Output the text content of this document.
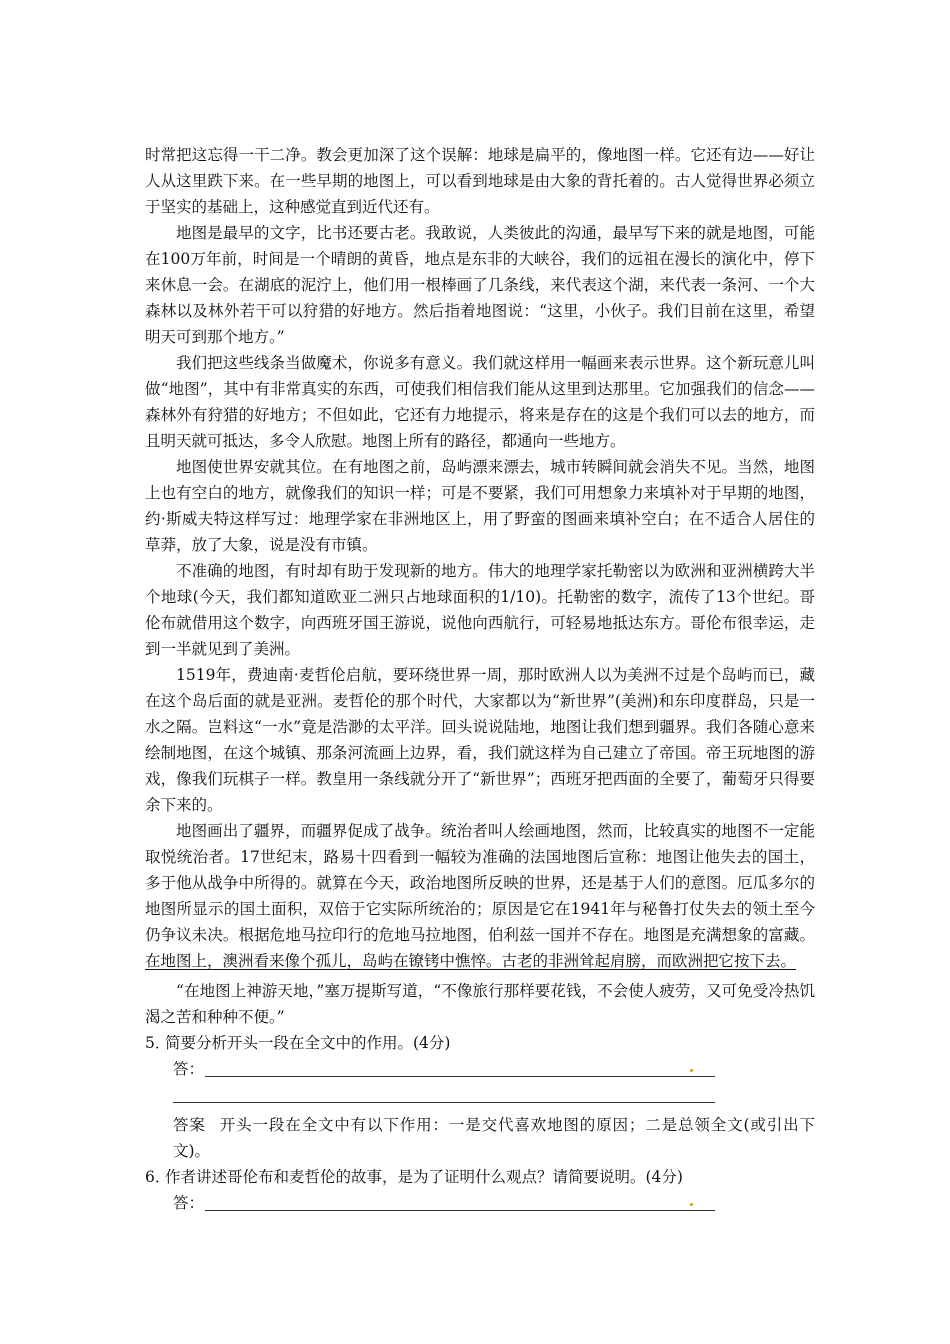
时常把这忘得一干二净。教会更加深了这个误解：地球是扁平的，像地图一样。它还有边——好让人从这里跌下来。在一些早期的地图上，可以看到地球是由大象的背托着的。古人觉得世界必须立于坚实的基础上，这种感觉直到近代还有。

地图是最早的文字，比书还要古老。我敢说，人类彼此的沟通，最早写下来的就是地图，可能在100万年前，时间是一个晴朗的黄昏，地点是东非的大峡谷，我们的远祖在漫长的演化中，停下来休息一会。在湖底的泥泞上，他们用一根棒画了几条线，来代表这个湖，来代表一条河、一个大森林以及林外若干可以狩猎的好地方。然后指着地图说：“这里，小伙子。我们目前在这里，希望明天可到那个地方。”

我们把这些线条当做魔术，你说多有意义。我们就这样用一幅画来表示世界。这个新玩意儿叫做“地图”，其中有非常真实的东西，可使我们相信我们能从这里到达那里。它加强我们的信念——森林外有狩猎的好地方；不但如此，它还有力地提示，将来是存在的这是个我们可以去的地方，而且明天就可抵达，多令人欣慰。地图上所有的路径，都通向一些地方。

地图使世界安就其位。在有地图之前，岛屿漂来漂去，城市转瞬间就会消失不见。当然，地图上也有空白的地方，就像我们的知识一样；可是不要紧，我们可用想象力来填补对于早期的地图，约·斯威夫特这样写过：地理学家在非洲地区上，用了野蛮的图画来填补空白；在不适合人居住的草莽，放了大象，说是没有市镇。

不准确的地图，有时却有助于发现新的地方。伟大的地理学家托勒密以为欧洲和亚洲横跨大半个地球(今天，我们都知道欧亚二洲只占地球面积的1/10)。托勒密的数字，流传了13个世纪。哥伦布就借用这个数字，向西班牙国王游说，说他向西航行，可轻易地抵达东方。哥伦布很幸运，走到一半就见到了美洲。

1519年，费迪南·麦哲伦启航，要环绕世界一周，那时欧洲人以为美洲不过是个岛屿而已，藏在这个岛后面的就是亚洲。麦哲伦的那个时代，大家都以为“新世界”(美洲)和东印度群岛，只是一水之隔。岂料这“一水”竟是浩渺的太平洋。回头说说陆地，地图让我们想到疆界。我们各随心意来绘制地图，在这个城镇、那条河流画上边界，看，我们就这样为自己建立了帝国。帝王玩地图的游戏，像我们玩棋子一样。教皇用一条线就分开了“新世界”；西班牙把西面的全要了，葡萄牙只得要余下来的。

地图画出了疆界，而疆界促成了战争。统治者叫人绘画地图，然而，比较真实的地图不一定能取悦统治者。17世纪末，路易十四看到一幅较为准确的法国地图后宣称：地图让他失去的国土，多于他从战争中所得的。就算在今天，政治地图所反映的世界，还是基于人们的意图。厄瓜多尔的地图所显示的国土面积，双倍于它实际所统治的；原因是它在1941年与秘鲁打仗失去的领土至今仍争议未决。根据危地马拉印行的危地马拉地图，伯利兹一国并不存在。地图是充满想象的富藏。在地图上，澳洲看来像个孤儿，岛屿在镣铐中憔悴。古老的非洲耸起肩膀，而欧洲把它按下去。

“在地图上神游天地，”塞万提斯写道，“不像旅行那样要花钱，不会使人疲劳，又可免受冷热饥渴之苦和种种不便。”

5．简要分析开头一段在全文中的作用。(4分)

答：

答案 开头一段在全文中有以下作用：一是交代喜欢地图的原因；二是总领全文(或引出下文)。

6．作者讲述哥伦布和麦哲伦的故事，是为了证明什么观点？请简要说明。(4分)

答：
